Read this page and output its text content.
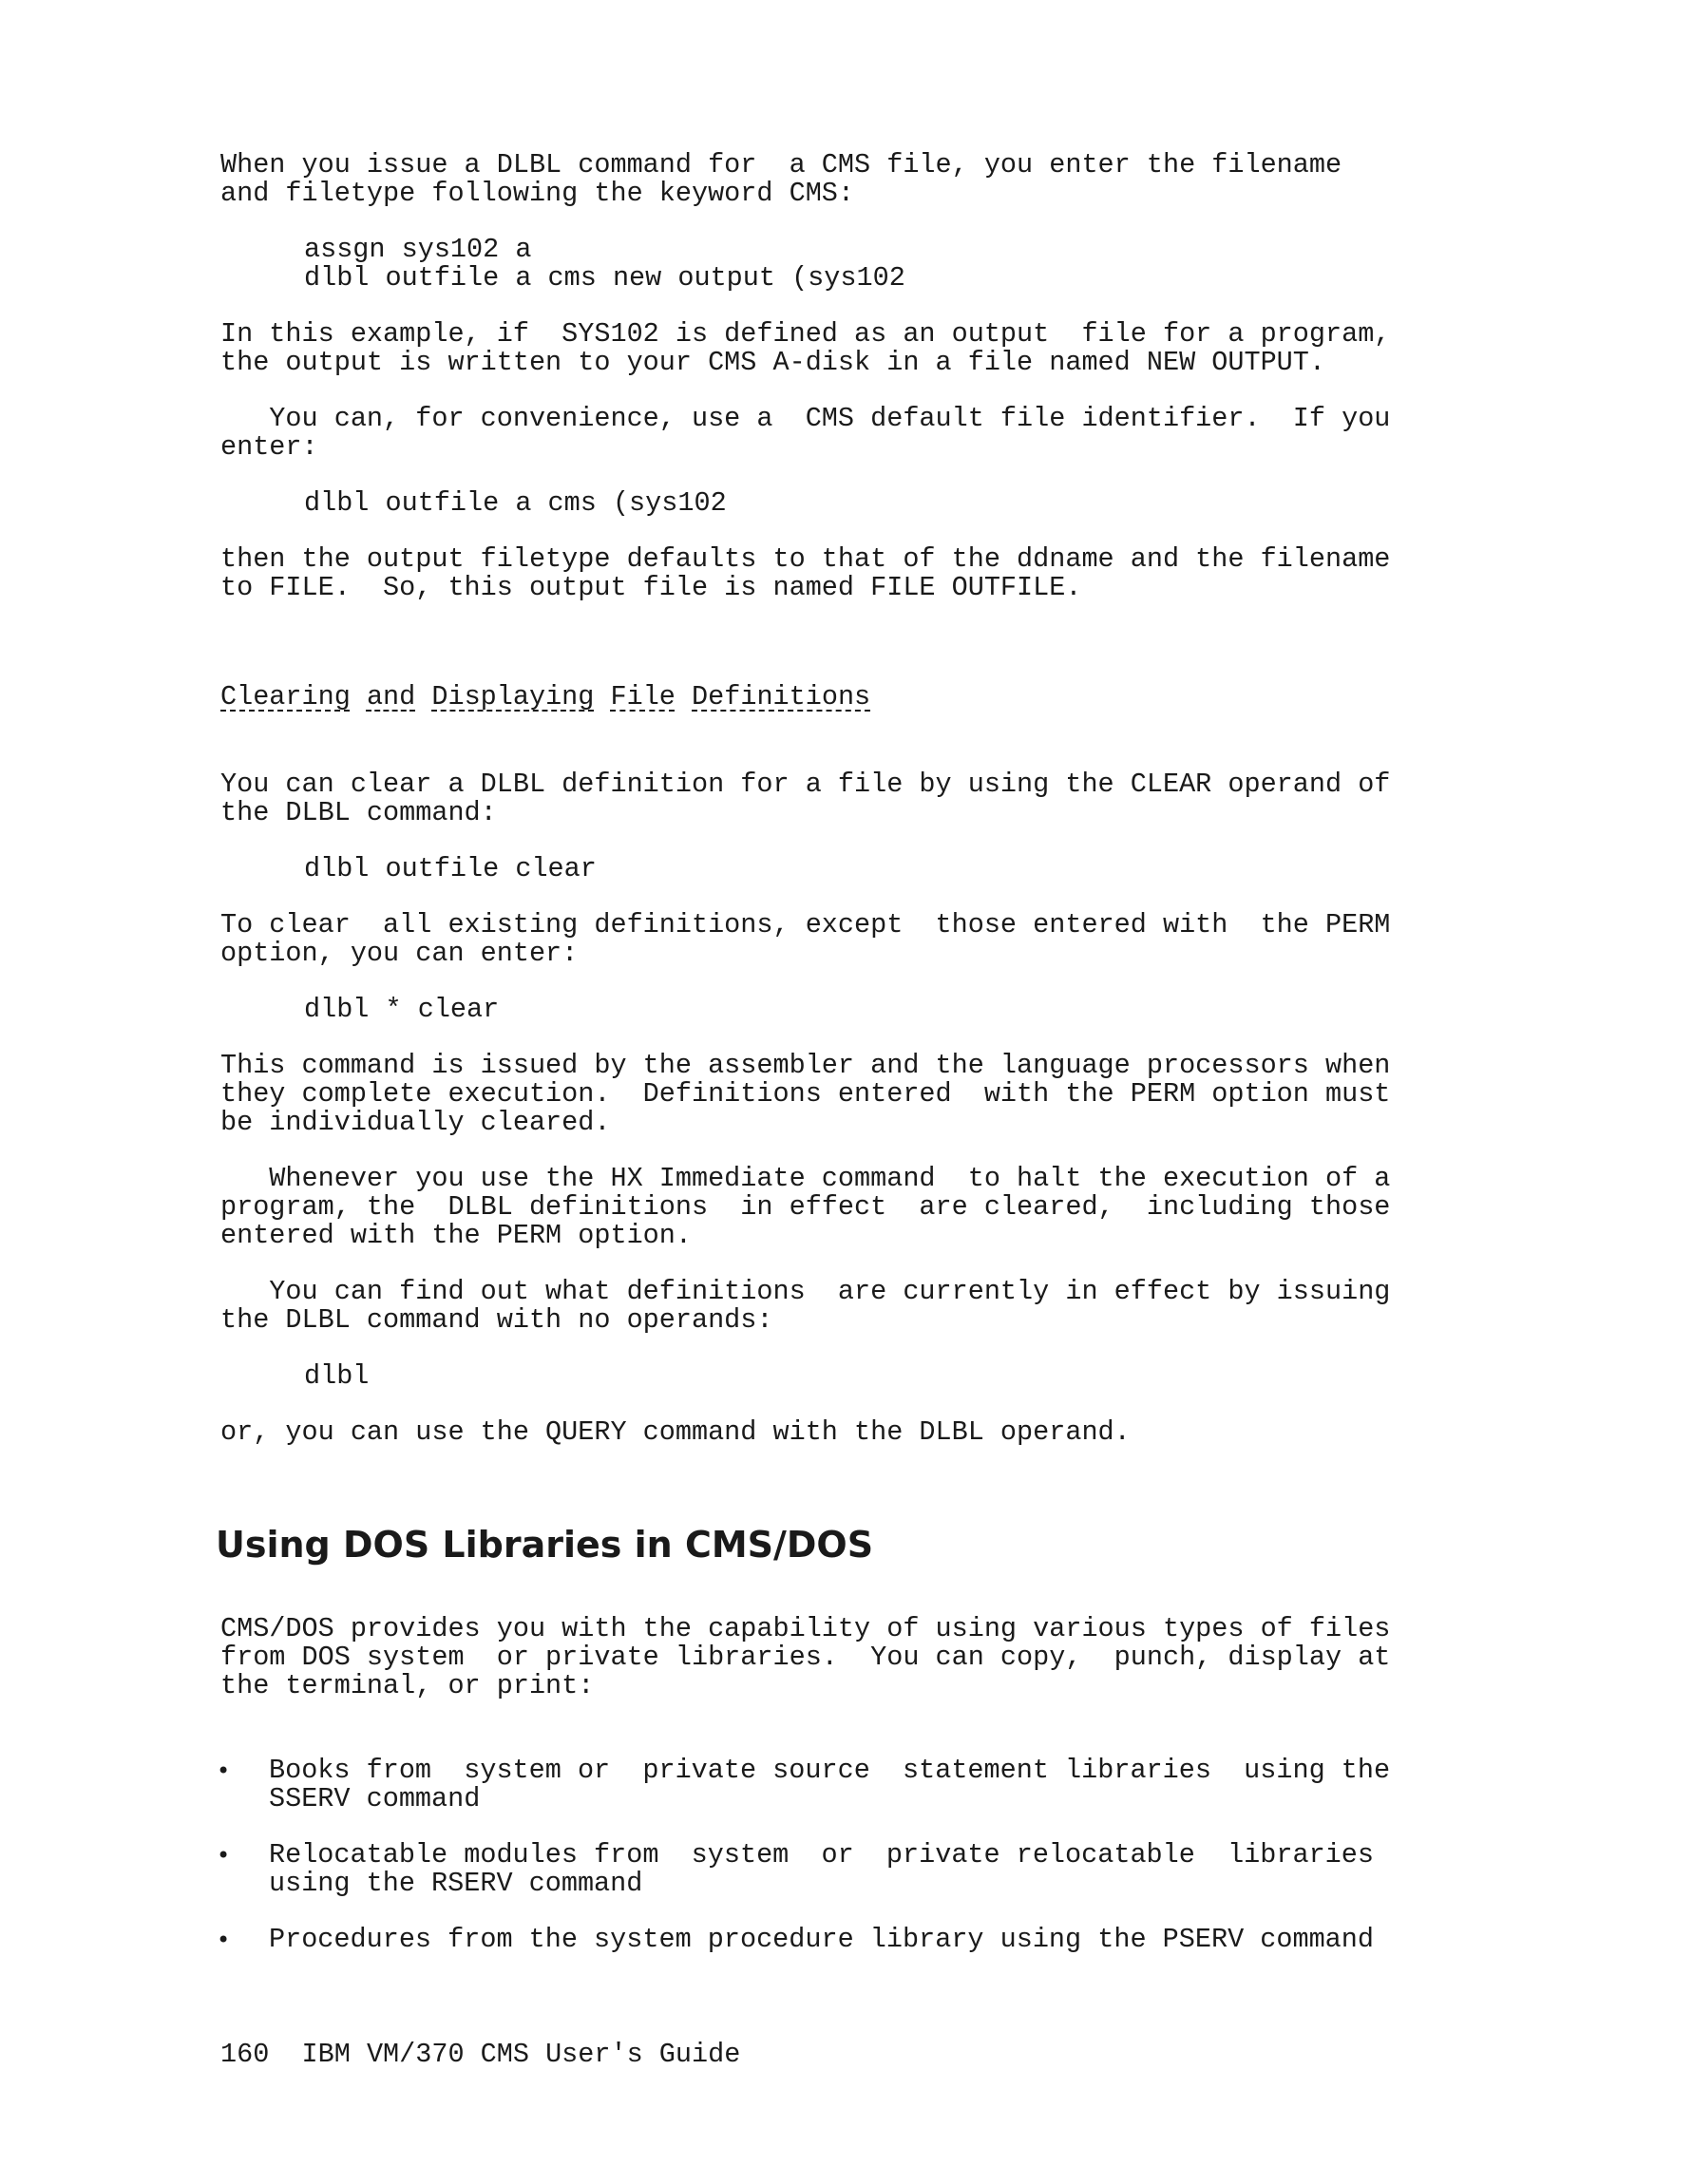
When you issue a DLBL command for  a CMS file, you enter the filename
and filetype following the keyword CMS:

assgn sys102 a
dlbl outfile a cms new output (sys102

In this example, if  SYS102 is defined as an output  file for a program,
the output is written to your CMS A-disk in a file named NEW OUTPUT.

You can, for convenience, use a  CMS default file identifier.  If you
enter:

dlbl outfile a cms (sys102

then the output filetype defaults to that of the ddname and the filename
to FILE.  So, this output file is named FILE OUTFILE.

Clearing and Displaying File Definitions

You can clear a DLBL definition for a file by using the CLEAR operand of
the DLBL command:

dlbl outfile clear

To clear  all existing definitions, except  those entered with  the PERM
option, you can enter:

dlbl * clear

This command is issued by the assembler and the language processors when
they complete execution.  Definitions entered  with the PERM option must
be individually cleared.

Whenever you use the HX Immediate command  to halt the execution of a
program, the  DLBL definitions  in effect  are cleared,  including those
entered with the PERM option.

You can find out what definitions  are currently in effect by issuing
the DLBL command with no operands:

dlbl

or, you can use the QUERY command with the DLBL operand.

Using DOS Libraries in CMS/DOS

CMS/DOS provides you with the capability of using various types of files
from DOS system  or private libraries.  You can copy,  punch, display at
the terminal, or print:

• Books from  system or  private source  statement libraries  using the
SSERV command

• Relocatable modules from  system  or  private relocatable  libraries
using the RSERV command

• Procedures from the system procedure library using the PSERV command

160 IBM VM/370 CMS User's Guide
